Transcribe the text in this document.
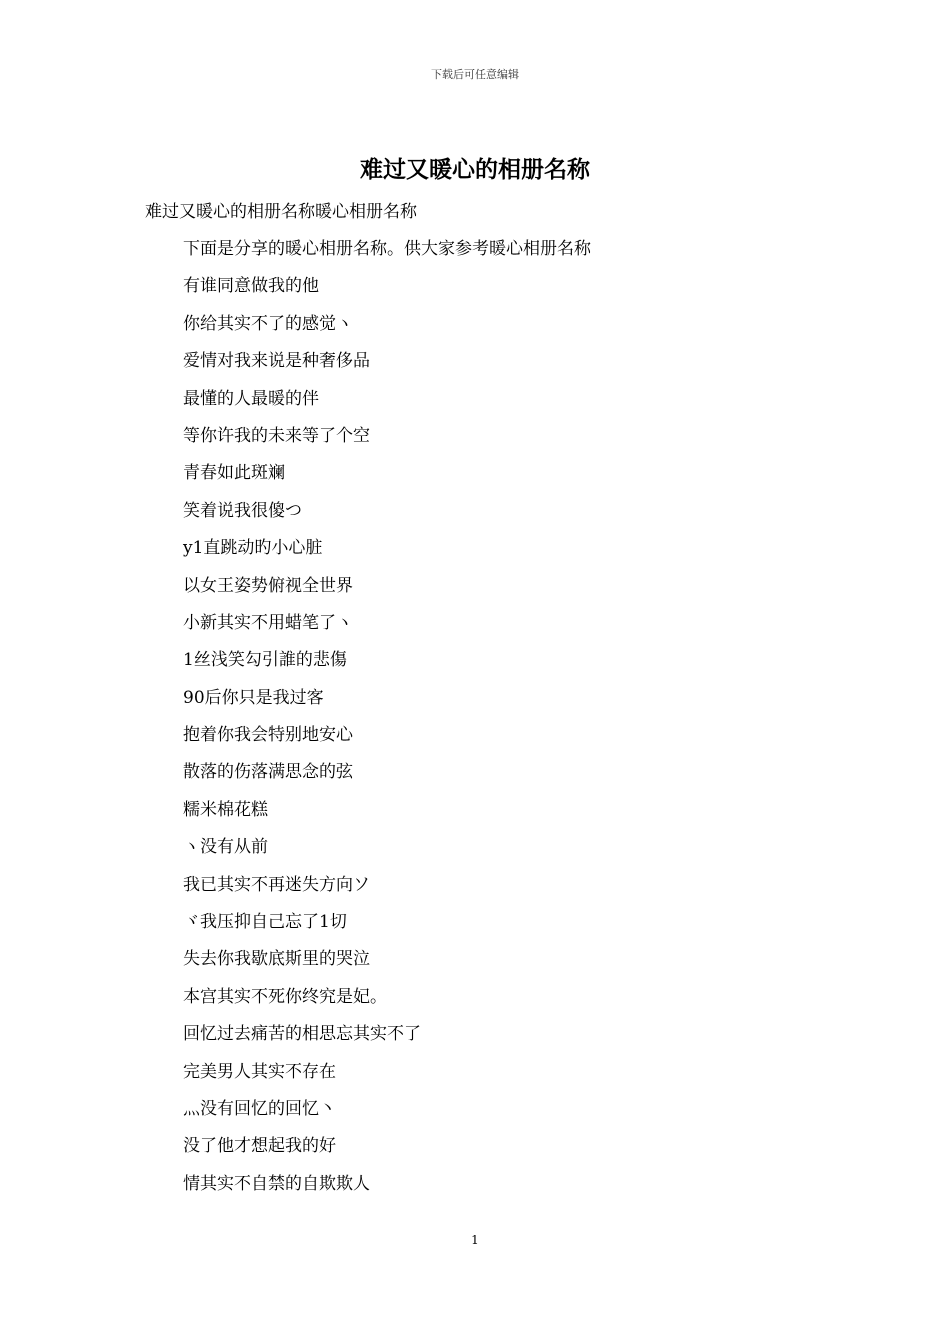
下载后可任意编辑
难过又暖心的相册名称
难过又暖心的相册名称暖心相册名称
下面是分享的暖心相册名称。供大家参考暖心相册名称
有谁同意做我的他
你给其实不了的感觉ヽ
爱情对我来说是种奢侈品
最懂的人最暖的伴
等你许我的未来等了个空
青春如此斑斓
笑着说我很傻つ
y1直跳动旳小心脏
以女王姿势俯视全世界
小新其实不用蜡笔了ヽ
1丝浅笑勾引誰的悲傷
90后你只是我过客
抱着你我会特别地安心
散落的伤落满思念的弦
糯米棉花糕
ヽ没有从前
我已其实不再迷失方向ソ
ヾ我压抑自己忘了1切
失去你我歇底斯里的哭泣
本宫其实不死你终究是妃。
回忆过去痛苦的相思忘其实不了
完美男人其实不存在
灬没有回忆的回忆丶
没了他才想起我的好
情其实不自禁的自欺欺人
1
